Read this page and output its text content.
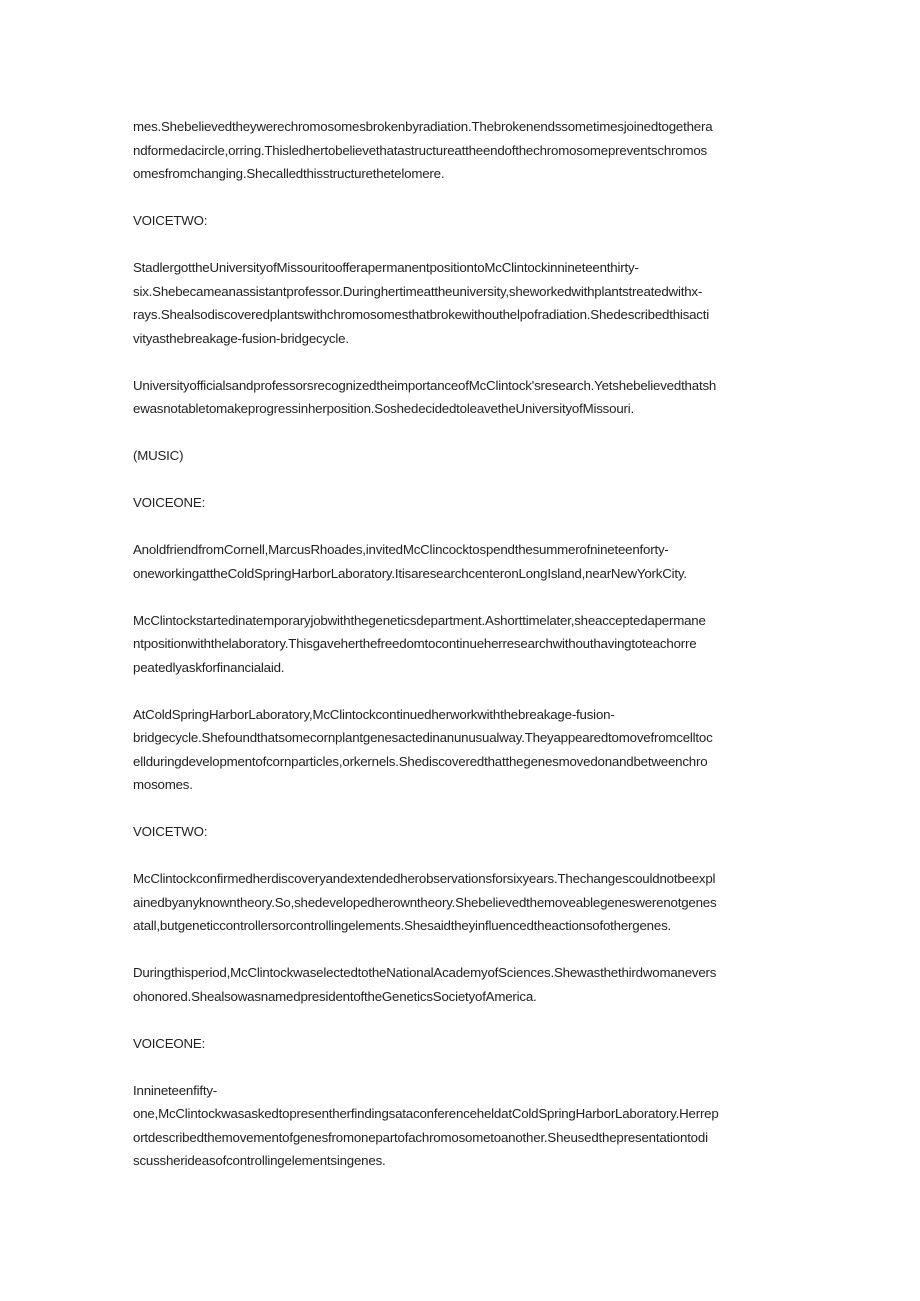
mes.Shebelievedtheywerechromosomesbrokenbyradiation.Thebrokenendssometimesjoinedtogethera
ndformedacircle,orring.Thisledhertobelievethatastructureattheendofthechromosomepreventschromos
omesfromchanging.Shecalledthisstructurethetelomere.
VOICETWO:
StadlergottheUniversityofMissouritoofferapermanentpositiontoMcClintockinnineteenthirty-
six.Shebecameanassistantprofessor.Duringhertimeattheuniversity,sheworkedwithplantstreatedwithx-
rays.Shealsodiscoveredplantswithchromosomesthatbrokewithouthelpofradiation.Shedescribedthisacti
vityasthebreakage-fusion-bridgecycle.
UniversityofficialsandprofessorsrecognizedtheimportanceofMcClintock'sresearch.Yetshebelievedthatsh
ewasnotabletomakeprogressinherposition.SoshedecidedtoleavetheUniversityofMissouri.
(MUSIC)
VOICEONE:
AnoldfriendfromCornell,MarcusRhoades,invitedMcClincocktospendthesummerofnineteenforty-
oneworkingattheColdSpringHarborLaboratory.ItisaresearchcenteronLongIsland,nearNewYorkCity.
McClintockstartedinatemporaryjobwiththegeneticsdepartment.Ashorttimelater,sheacceptedapermane
ntpositionwiththelaboratory.Thisgaveherthefreedomtocontinueherresearchwithouthavingtoteachorre
peatedlyaskforfinancialaid.
AtColdSpringHarborLaboratory,McClintockcontinuedherworkwiththebreakage-fusion-
bridgecycle.Shefoundthatsomecornplantgenesactedinanunusualway.Theyappearedtomovefromcelltoc
ellduringdevelopmentofcornparticles,orkernels.Shediscoveredthatthegenesmovedonandbetweenchro
mosomes.
VOICETWO:
McClintockconfirmedherdiscoveryandextendedherobservationsforsixyears.Thechangescouldnotbeexpl
ainedbyanyknowntheory.So,shedevelopedherowntheory.Shebelievedthemoveablegeneswerenotgenes
atall,butgeneticcontrollersorcontrollingelements.Shesaidtheyinfluencedtheactionsofothergenes.
Duringthisperiod,McClintockwaselectedtotheNationalAcademyofSciences.Shewasthethirdwomanevers
ohonored.ShealsowasnamedpresidentoftheGeneticsSocietyofAmerica.
VOICEONE:
Innineteenfifty-
one,McClintockwasaskedtopresentherfindingsataconferenceheldatColdSpringHarborLaboratory.Herrep
ortdescribedthemovementofgenesfromonepartofachromosometoanother.Sheusedthepresentationtodi
scussherideasofcontrollingelementsingenes.
